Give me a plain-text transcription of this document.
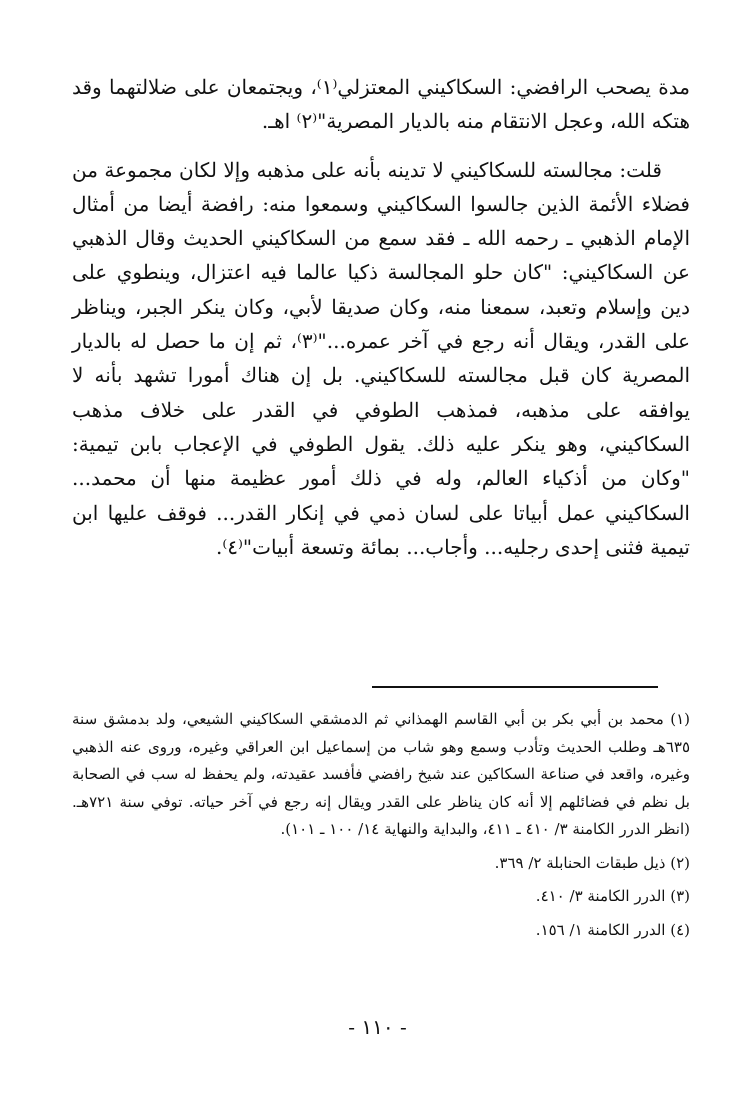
مدة يصحب الرافضي: السكاكيني المعتزلي⁽١⁾، ويجتمعان على ضلالتهما وقد هتكه الله، وعجل الانتقام منه بالديار المصرية"⁽٢⁾ اهـ.

قلت: مجالسته للسكاكيني لا تدينه بأنه على مذهبه وإلا لكان مجموعة من فضلاء الأئمة الذين جالسوا السكاكيني وسمعوا منه: رافضة أيضا من أمثال الإمام الذهبي ـ رحمه الله ـ فقد سمع من السكاكيني الحديث وقال الذهبي عن السكاكيني: "كان حلو المجالسة ذكيا عالما فيه اعتزال، وينطوي على دين وإسلام وتعبد، سمعنا منه، وكان صديقا لأبي، وكان ينكر الجبر، ويناظر على القدر، ويقال أنه رجع في آخر عمره..."⁽٣⁾، ثم إن ما حصل له بالديار المصرية كان قبل مجالسته للسكاكيني. بل إن هناك أمورا تشهد بأنه لا يوافقه على مذهبه، فمذهب الطوفي في القدر على خلاف مذهب السكاكيني، وهو ينكر عليه ذلك. يقول الطوفي في الإعجاب بابن تيمية: "وكان من أذكياء العالم، وله في ذلك أمور عظيمة منها أن محمد... السكاكيني عمل أبياتا على لسان ذمي في إنكار القدر... فوقف عليها ابن تيمية فثنى إحدى رجليه... وأجاب... بمائة وتسعة أبيات"⁽٤⁾.

(١) محمد بن أبي بكر بن أبي القاسم الهمذاني ثم الدمشقي السكاكيني الشيعي، ولد بدمشق سنة ٦٣٥هـ وطلب الحديث وتأدب وسمع وهو شاب من إسماعيل ابن العراقي وغيره، وروى عنه الذهبي وغيره، واقعد في صناعة السكاكين عند شيخ رافضي فأفسد عقيدته، ولم يحفظ له سب في الصحابة بل نظم في فضائلهم إلا أنه كان يناظر على القدر ويقال إنه رجع في آخر حياته. توفي سنة ٧٢١هـ. (انظر الدرر الكامنة ٣/ ٤١٠ ـ ٤١١، والبداية والنهاية ١٤/ ١٠٠ ـ ١٠١).

(٢) ذيل طبقات الحنابلة ٢/ ٣٦٩.

(٣) الدرر الكامنة ٣/ ٤١٠.

(٤) الدرر الكامنة ١/ ١٥٦.

- ١١٠ -
